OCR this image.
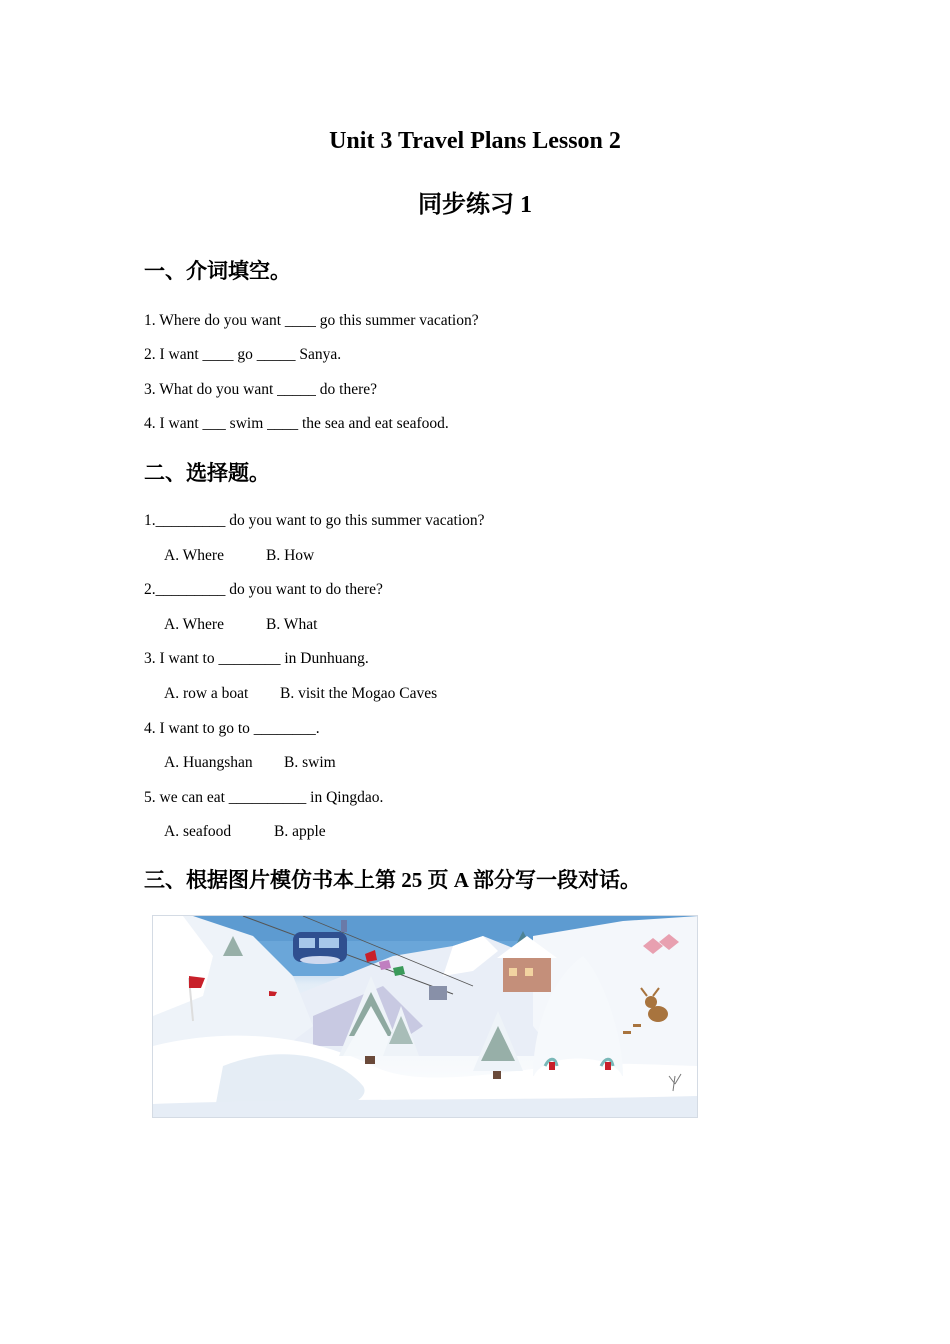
Unit 3 Travel Plans Lesson 2
同步练习 1
一、介词填空。

1. Where do you want ____ go this summer vacation?

2. I want ____ go _____ Sanya.

3. What do you want _____ do there?

4. I want ___ swim ____ the sea and eat seafood.

二、选择题。

1._________ do you want to go this summer vacation?

A. Where	B. How

2._________ do you want to do there?

A. Where	B. What

3. I want to ________ in Dunhuang.

A. row a boat B. visit the Mogao Caves

4. I want to go to ________.

A. Huangshan B. swim

5. we can eat __________ in Qingdao.

A. seafood	B. apple
三、根据图片模仿书本上第 25 页 A 部分写一段对话。
